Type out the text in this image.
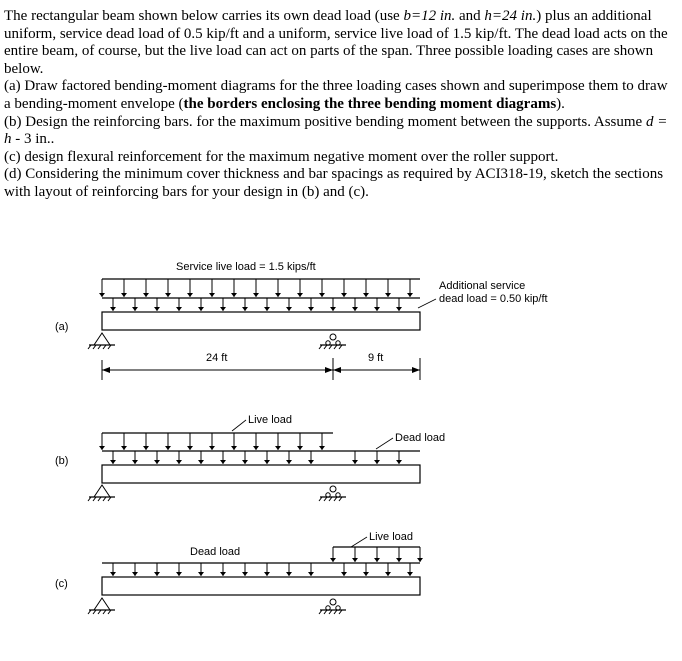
The rectangular beam shown below carries its own dead load (use b=12 in. and h=24 in.) plus an additional uniform, service dead load of 0.5 kip/ft and a uniform, service live load of 1.5 kip/ft. The dead load acts on the entire beam, of course, but the live load can act on parts of the span. Three possible loading cases are shown below.

(a) Draw factored bending-moment diagrams for the three loading cases shown and superimpose them to draw a bending-moment envelope (the borders enclosing the three bending moment diagrams).

(b) Design the reinforcing bars. for the maximum positive bending moment between the supports. Assume d = h - 3 in..

(c) design flexural reinforcement for the maximum negative moment over the roller support.

(d) Considering the minimum cover thickness and bar spacings as required by ACI318-19, sketch the sections with layout of reinforcing bars for your design in (b) and (c).

(a)
Service live load = 1.5 kips/ft
Additional service
dead load = 0.50 kip/ft
24 ft	9 ft
(b)
Live load
Dead load
(c)
Dead load
Live load
